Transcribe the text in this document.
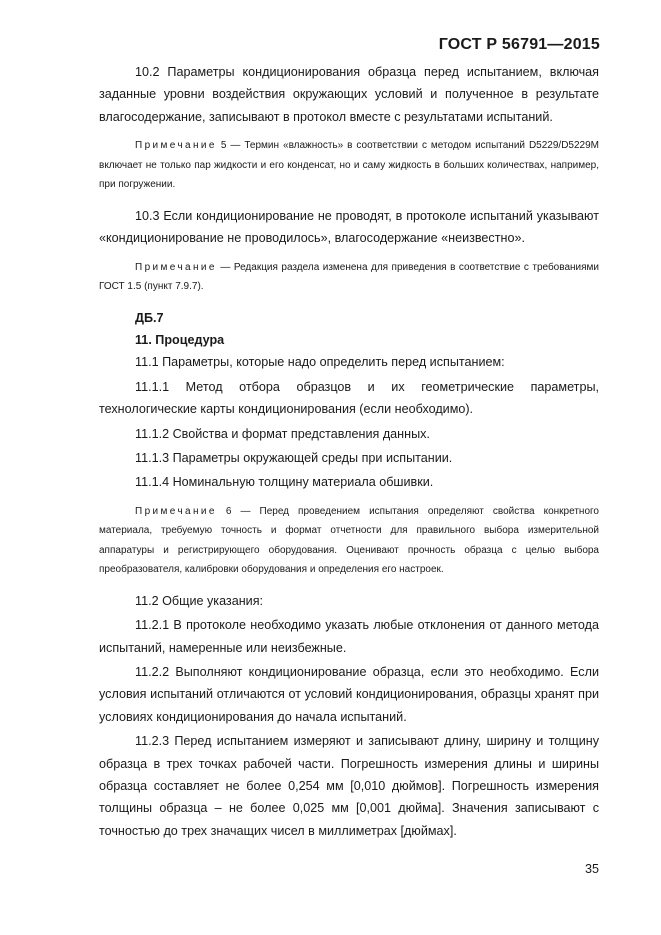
ГОСТ Р 56791—2015

10.2 Параметры кондиционирования образца перед испытанием, включая заданные уровни воздействия окружающих условий и полученное в результате влагосодержание, записывают в протокол вместе с результатами испытаний.

Примечание 5 — Термин «влажность» в соответствии с методом испытаний D5229/D5229M включает не только пар жидкости и его конденсат, но и саму жидкость в больших количествах, например, при погружении.

10.3 Если кондиционирование не проводят, в протоколе испытаний указывают «кондиционирование не проводилось», влагосодержание «неизвестно».

Примечание — Редакция раздела изменена для приведения в соответствие с требованиями ГОСТ 1.5 (пункт 7.9.7).

ДБ.7

11. Процедура

11.1 Параметры, которые надо определить перед испытанием:

11.1.1 Метод отбора образцов и их геометрические параметры, технологические карты кондиционирования (если необходимо).

11.1.2 Свойства и формат представления данных.

11.1.3 Параметры окружающей среды при испытании.

11.1.4 Номинальную толщину материала обшивки.

Примечание 6 — Перед проведением испытания определяют свойства конкретного материала, требуемую точность и формат отчетности для правильного выбора измерительной аппаратуры и регистрирующего оборудования. Оценивают прочность образца с целью выбора преобразователя, калибровки оборудования и определения его настроек.

11.2 Общие указания:

11.2.1 В протоколе необходимо указать любые отклонения от данного метода испытаний, намеренные или неизбежные.

11.2.2 Выполняют кондиционирование образца, если это необходимо. Если условия испытаний отличаются от условий кондиционирования, образцы хранят при условиях кондиционирования до начала испытаний.

11.2.3 Перед испытанием измеряют и записывают длину, ширину и толщину образца в трех точках рабочей части. Погрешность измерения длины и ширины образца составляет не более 0,254 мм [0,010 дюймов]. Погрешность измерения толщины образца – не более 0,025 мм [0,001 дюйма]. Значения записывают с точностью до трех значащих чисел в миллиметрах [дюймах].

35
